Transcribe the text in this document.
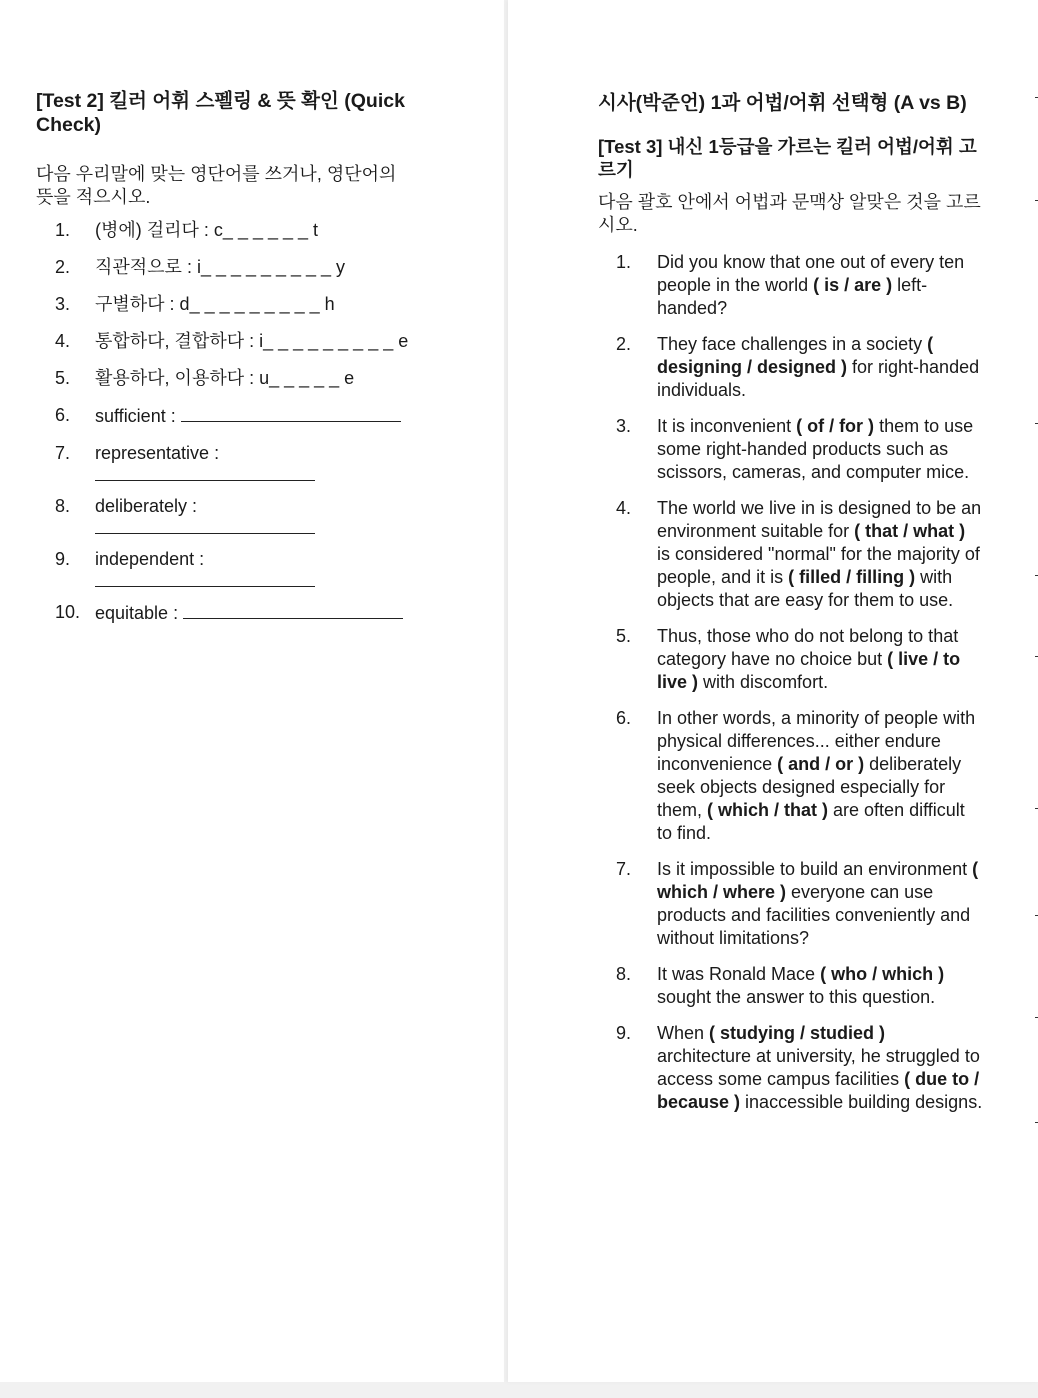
[Test 2] 킬러 어휘 스펠링 & 뜻 확인 (Quick Check)

다음 우리말에 맞는 영단어를 쓰거나, 영단어의 뜻을 적으시오.

1. (병에) 걸리다 : c_ _ _ _ _ _ t
2. 직관적으로 : i_ _ _ _ _ _ _ _ _ y
3. 구별하다 : d_ _ _ _ _ _ _ _ _ h
4. 통합하다, 결합하다 : i_ _ _ _ _ _ _ _ _ e
5. 활용하다, 이용하다 : u_ _ _ _ _ e
6. sufficient :
7. representative :
8. deliberately :
9. independent :
10. equitable :
시사(박준언) 1과 어법/어휘 선택형 (A vs B)
[Test 3] 내신 1등급을 가르는 킬러 어법/어휘 고르기

다음 괄호 안에서 어법과 문맥상 알맞은 것을 고르시오.

1. Did you know that one out of every ten people in the world ( is / are ) left-handed?
2. They face challenges in a society ( designing / designed ) for right-handed individuals.
3. It is inconvenient ( of / for ) them to use some right-handed products such as scissors, cameras, and computer mice.
4. The world we live in is designed to be an environment suitable for ( that / what ) is considered "normal" for the majority of people, and it is ( filled / filling ) with objects that are easy for them to use.
5. Thus, those who do not belong to that category have no choice but ( live / to live ) with discomfort.
6. In other words, a minority of people with physical differences... either endure inconvenience ( and / or ) deliberately seek objects designed especially for them, ( which / that ) are often difficult to find.
7. Is it impossible to build an environment ( which / where ) everyone can use products and facilities conveniently and without limitations?
8. It was Ronald Mace ( who / which ) sought the answer to this question.
9. When ( studying / studied ) architecture at university, he struggled to access some campus facilities ( due to / because ) inaccessible building designs.
